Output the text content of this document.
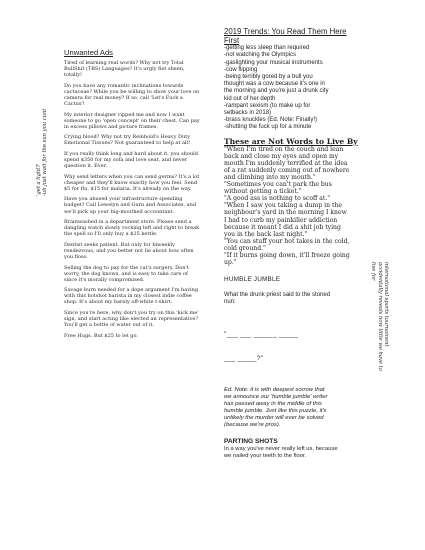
Unwanted Ads

Tired of learning real words? Why not try Total BullShit (TBS) Languages? It's urgly fiet sheen, totally!

Do you have any romantic inclinations towards cactaceae? While you be willing to show your love on camera for real money? If so, call 'Let's Fuck a Cactus'!

My interior designer ripped me and now I want someone to go 'open concept' on their chest. Can pay in excess pillows and picture frames.

Crying blood? Why not try Reinhold's Heavy Duty Emotional Tissues? Not guaranteed to help at all!

If you really think long and hard about it, you should spend $350 for my sofa and love seat, and never question it. Ever.

Why send letters when you can send germs? It's a lot cheaper and they'll know exactly how you feel. Send $5 for flu, $15 for malaria. It's already on the way.

Have you abused your infrastructure spending budget? Call Lewelyn and Gurn and Associates, and we'll pick up your big-mouthed accountant.

Brainwashed in a department store. Please send a dangling watch slowly rocking left and right to break the spell so I'll only buy a $25 kettle.

Dentist seeks patient. But only for biweekly rendezvous, and you better not lie about how often you floss.

Selling the dog to pay for the cat's surgery. Don't worry, the dog knows, and is easy to take care of since it's morally compromised.

Savage burn needed for a dope argument I'm having with this hotshot barista in my closest indie coffee shop. It's about my barely off-white t-shirt.

Since you're here, why don't you try on this 'kick me' sign, and start acting like elected an representative? You'll get a bottle of water out of it.

Free Hugs. But $25 to let go.

'get a light?' -uh just wait for the sun you cunt
2019 Trends: You Read Them Here
First
-getting less sleep than required
-not watching the Olympics
-gaslighting your musical instruments
-cow flipping
-being terribly gored by a bull you
thought was a cow because it's one in
the morning and you're just a drunk city
kid out of her depth
-rampant sexism (to make up for
setbacks in 2018)
-brass knuckles (Ed. Note: Finally!)
-shutting the fuck up for a minute
These are Not Words to Live By

"When I'm tired on the couch and lean

back and close my eyes and open my

mouth I'm suddenly terrified at the idea

of a rat suddenly coming out of nowhere

and climbing into my mouth."

"Sometimes you can't park the bus

without getting a ticket."

"A good ass is nothing to scoff at."

"When I saw you taking a dump in the

neighbour's yard in the morning I knew

I had to curb my painkiller addiction

because it meant I did a shit job tying

you in the back last night."

"You can stuff your hot takes in the cold,

cold ground."

"If it burns going down, it'll freeze going

up."

HUMBLE JUMBLE
What the drunk priest said to the stoned
nun:

"___ ___ ______ _____

___ _____?"

Ed. Note: it is with deepest sorrow that
we announce our 'humble jumble' writer
has passed away in the middle of this
humble jumble. Just like this puzzle, it's
unlikely the murder will ever be solved
(because we're pros).
PARTING SHOTS
In a way you've never really left us, because
we nailed your teeth to the floor.
international sports tournament
accidentally reveals how little we have to
live for
